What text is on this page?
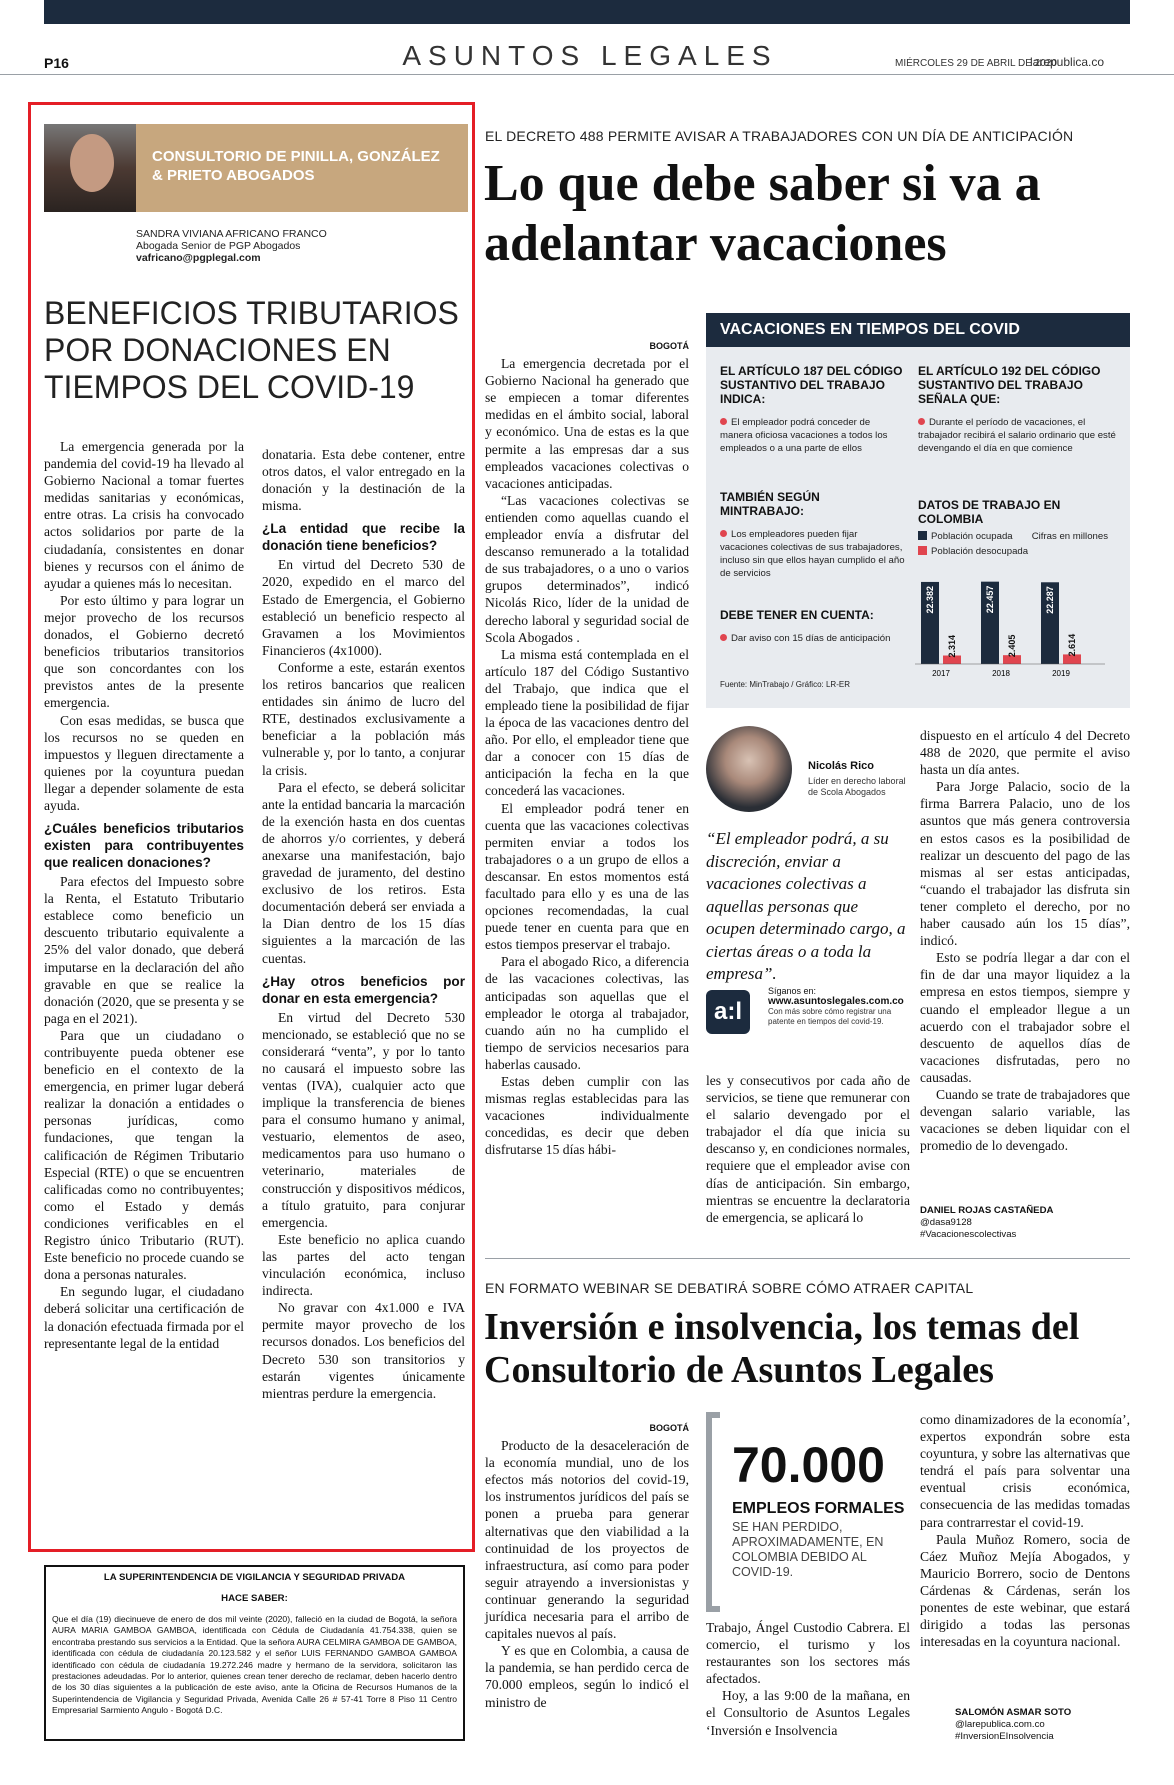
P16	ASUNTOS LEGALES	MIÉRCOLES 29 DE ABRIL DE 2020
larepublica.co
CONSULTORIO DE PINILLA, GONZÁLEZ & PRIETO ABOGADOS
SANDRA VIVIANA AFRICANO FRANCO
Abogada Senior de PGP Abogados
vafricano@pgplegal.com
BENEFICIOS TRIBUTARIOS POR DONACIONES EN TIEMPOS DEL COVID-19

La emergencia generada por la pandemia del covid-19 ha llevado al Gobierno Nacional a tomar fuertes medidas sanitarias y económicas, entre otras. La crisis ha convocado actos solidarios por parte de la ciudadanía, consistentes en donar bienes y recursos con el ánimo de ayudar a quienes más lo necesitan.

Por esto último y para lograr un mejor provecho de los recursos donados, el Gobierno decretó beneficios tributarios transitorios que son concordantes con los previstos antes de la presente emergencia.

Con esas medidas, se busca que los recursos no se queden en impuestos y lleguen directamente a quienes por la coyuntura puedan llegar a depender solamente de esta ayuda.

¿Cuáles beneficios tributarios existen para contribuyentes que realicen donaciones?

Para efectos del Impuesto sobre la Renta, el Estatuto Tributario establece como beneficio un descuento tributario equivalente a 25% del valor donado, que deberá imputarse en la declaración del año gravable en que se realice la donación (2020, que se presenta y se paga en el 2021).

Para que un ciudadano o contribuyente pueda obtener ese beneficio en el contexto de la emergencia, en primer lugar deberá realizar la donación a entidades o personas jurídicas, como fundaciones, que tengan la calificación de Régimen Tributario Especial (RTE) o que se encuentren calificadas como no contribuyentes; como el Estado y demás condiciones verificables en el Registro único Tributario (RUT). Este beneficio no procede cuando se dona a personas naturales.

En segundo lugar, el ciudadano deberá solicitar una certificación de la donación efectuada firmada por el representante legal de la entidad

donataria. Esta debe contener, entre otros datos, el valor entregado en la donación y la destinación de la misma.

¿La entidad que recibe la donación tiene beneficios?

En virtud del Decreto 530 de 2020, expedido en el marco del Estado de Emergencia, el Gobierno estableció un beneficio respecto al Gravamen a los Movimientos Financieros (4x1000).

Conforme a este, estarán exentos los retiros bancarios que realicen entidades sin ánimo de lucro del RTE, destinados exclusivamente a beneficiar a la población más vulnerable y, por lo tanto, a conjurar la crisis.

Para el efecto, se deberá solicitar ante la entidad bancaria la marcación de la exención hasta en dos cuentas de ahorros y/o corrientes, y deberá anexarse una manifestación, bajo gravedad de juramento, del destino exclusivo de los retiros. Esta documentación deberá ser enviada a la Dian dentro de los 15 días siguientes a la marcación de las cuentas.

¿Hay otros beneficios por donar en esta emergencia?

En virtud del Decreto 530 mencionado, se estableció que no se considerará “venta”, y por lo tanto no causará el impuesto sobre las ventas (IVA), cualquier acto que implique la transferencia de bienes para el consumo humano y animal, vestuario, elementos de aseo, medicamentos para uso humano o veterinario, materiales de construcción y dispositivos médicos, a título gratuito, para conjurar emergencia.

Este beneficio no aplica cuando las partes del acto tengan vinculación económica, incluso indirecta.

No gravar con 4x1.000 e IVA permite mayor provecho de los recursos donados. Los beneficios del Decreto 530 son transitorios y estarán vigentes únicamente mientras perdure la emergencia.

LA SUPERINTENDENCIA DE VIGILANCIA Y SEGURIDAD PRIVADA
HACE SABER:
Que el día (19) diecinueve de enero de dos mil veinte (2020), falleció en la ciudad de Bogotá, la señora AURA MARIA GAMBOA GAMBOA, identificada con Cédula de Ciudadanía 41.754.338, quien se encontraba prestando sus servicios a la Entidad. Que la señora AURA CELMIRA GAMBOA DE GAMBOA, identificada con cédula de ciudadanía 20.123.582 y el señor LUIS FERNANDO GAMBOA GAMBOA identificado con cédula de ciudadanía 19.272.246 madre y hermano de la servidora, solicitaron las prestaciones adeudadas. Por lo anterior, quienes crean tener derecho de reclamar, deben hacerlo dentro de los 30 días siguientes a la publicación de este aviso, ante la Oficina de Recursos Humanos de la Superintendencia de Vigilancia y Seguridad Privada, Avenida Calle 26 # 57-41 Torre 8 Piso 11 Centro Empresarial Sarmiento Angulo - Bogotá D.C.
EL DECRETO 488 PERMITE AVISAR A TRABAJADORES CON UN DÍA DE ANTICIPACIÓN
Lo que debe saber si va a adelantar vacaciones
BOGOTÁ

La emergencia decretada por el Gobierno Nacional ha generado que se empiecen a tomar diferentes medidas en el ámbito social, laboral y económico. Una de estas es la que permite a las empresas dar a sus empleados vacaciones colectivas o vacaciones anticipadas.

“Las vacaciones colectivas se entienden como aquellas cuando el empleador envía a disfrutar del descanso remunerado a la totalidad de sus trabajadores, o a uno o varios grupos determinados”, indicó Nicolás Rico, líder de la unidad de derecho laboral y seguridad social de Scola Abogados .

La misma está contemplada en el artículo 187 del Código Sustantivo del Trabajo, que indica que el empleado tiene la posibilidad de fijar la época de las vacaciones dentro del año. Por ello, el empleador tiene que dar a conocer con 15 días de anticipación la fecha en la que concederá las vacaciones.

El empleador podrá tener en cuenta que las vacaciones colectivas permiten enviar a todos los trabajadores o a un grupo de ellos a descansar. En estos momentos está facultado para ello y es una de las opciones recomendadas, la cual puede tener en cuenta para que en estos tiempos preservar el trabajo.

Para el abogado Rico, a diferencia de las vacaciones colectivas, las anticipadas son aquellas que el empleador le otorga al trabajador, cuando aún no ha cumplido el tiempo de servicios necesarios para haberlas causado.

Estas deben cumplir con las mismas reglas establecidas para las vacaciones individualmente concedidas, es decir que deben disfrutarse 15 días hábi-

VACACIONES EN TIEMPOS DEL COVID
EL ARTÍCULO 187 DEL CÓDIGO SUSTANTIVO DEL TRABAJO INDICA:
El empleador podrá conceder de manera oficiosa vacaciones a todos los empleados o a una parte de ellos
EL ARTÍCULO 192 DEL CÓDIGO SUSTANTIVO DEL TRABAJO SEÑALA QUE:
Durante el período de vacaciones, el trabajador recibirá el salario ordinario que esté devengando el día en que comience
TAMBIÉN SEGÚN MINTRABAJO:
Los empleadores pueden fijar vacaciones colectivas de sus trabajadores, incluso sin que ellos hayan cumplido el año de servicios
DEBE TENER EN CUENTA:
Dar aviso con 15 días de anticipación
Fuente: MinTrabajo / Gráfico: LR-ER
DATOS DE TRABAJO EN COLOMBIA
Población ocupada Cifras en millones
Población desocupada
22.382
2.314
2017
22.457
2.405
2018
22.287
2.614
2019
Nicolás Rico
Líder en derecho laboral de Scola Abogados
“El empleador podrá, a su discreción, enviar a vacaciones colectivas a aquellas personas que ocupen determinado cargo, a ciertas áreas o a toda la empresa”.
a:l
Síganos en:
www.asuntoslegales.com.co
Con más sobre cómo registrar una patente en tiempos del covid-19.

les y consecutivos por cada año de servicios, se tiene que remunerar con el salario devengado por el trabajador el día que inicia su descanso y, en condiciones normales, requiere que el empleador avise con días de anticipación. Sin embargo, mientras se encuentre la declaratoria de emergencia, se aplicará lo

dispuesto en el artículo 4 del Decreto 488 de 2020, que permite el aviso hasta un día antes.

Para Jorge Palacio, socio de la firma Barrera Palacio, uno de los asuntos que más genera controversia en estos casos es la posibilidad de realizar un descuento del pago de las mismas al ser estas anticipadas, “cuando el trabajador las disfruta sin tener completo el derecho, por no haber causado aún los 15 días”, indicó.

Esto se podría llegar a dar con el fin de dar una mayor liquidez a la empresa en estos tiempos, siempre y cuando el empleador llegue a un acuerdo con el trabajador sobre el descuento de aquellos días de vacaciones disfrutadas, pero no causadas.

Cuando se trate de trabajadores que devengan salario variable, las vacaciones se deben liquidar con el promedio de lo devengado.

DANIEL ROJAS CASTAÑEDA
@dasa9128
#Vacacionescolectivas
EN FORMATO WEBINAR SE DEBATIRÁ SOBRE CÓMO ATRAER CAPITAL
Inversión e insolvencia, los temas del Consultorio de Asuntos Legales
BOGOTÁ

Producto de la desaceleración de la economía mundial, uno de los efectos más notorios del covid-19, los instrumentos jurídicos del país se ponen a prueba para generar alternativas que den viabilidad a la continuidad de los proyectos de infraestructura, así como para poder seguir atrayendo a inversionistas y continuar generando la seguridad jurídica necesaria para el arribo de capitales nuevos al país.

Y es que en Colombia, a causa de la pandemia, se han perdido cerca de 70.000 empleos, según lo indicó el ministro de

70.000
EMPLEOS FORMALES
SE HAN PERDIDO, APROXIMADAMENTE, EN COLOMBIA DEBIDO AL COVID-19.

Trabajo, Ángel Custodio Cabrera. El comercio, el turismo y los restaurantes son los sectores más afectados.

Hoy, a las 9:00 de la mañana, en el Consultorio de Asuntos Legales ‘Inversión e Insolvencia

como dinamizadores de la economía’, expertos expondrán sobre esta coyuntura, y sobre las alternativas que tendrá el país para solventar una eventual crisis económica, consecuencia de las medidas tomadas para contrarrestar el covid-19.

Paula Muñoz Romero, socia de Cáez Muñoz Mejía Abogados, y Mauricio Borrero, socio de Dentons Cárdenas & Cárdenas, serán los ponentes de este webinar, que estará dirigido a todas las personas interesadas en la coyuntura nacional.

SALOMÓN ASMAR SOTO
@larepublica.com.co
#InversionEInsolvencia
